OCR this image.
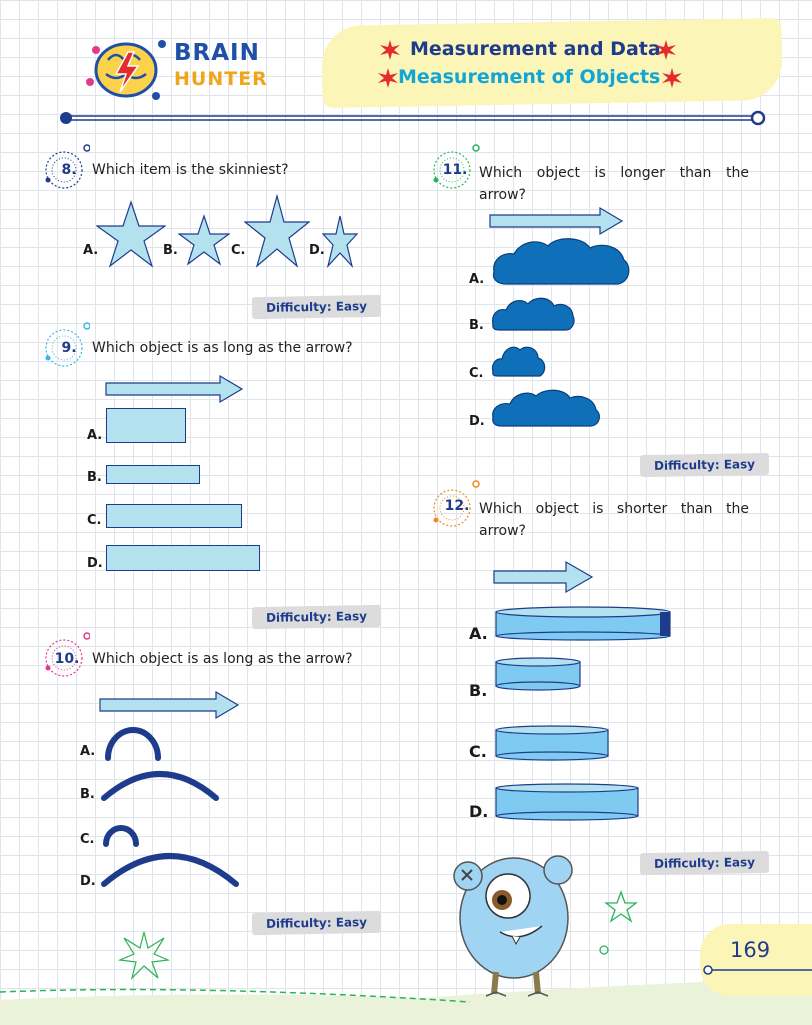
BRAIN
HUNTER
Measurement and Data
Measurement of Objects
8.	Which item is the skinniest?
A.	B.	C.	D.
Difficulty: Easy
9.	Which object is as long as the arrow?
A.
B.
C.
D.
Difficulty: Easy
10. Which object is as long as the arrow?
A.
B.
C.
D.
Difficulty: Easy
11. Which object is longer than the arrow?
A.
B.
C.
D.
Difficulty: Easy
12. Which object is shorter than the arrow?
A.
B.
C.
D.
Difficulty: Easy
169
